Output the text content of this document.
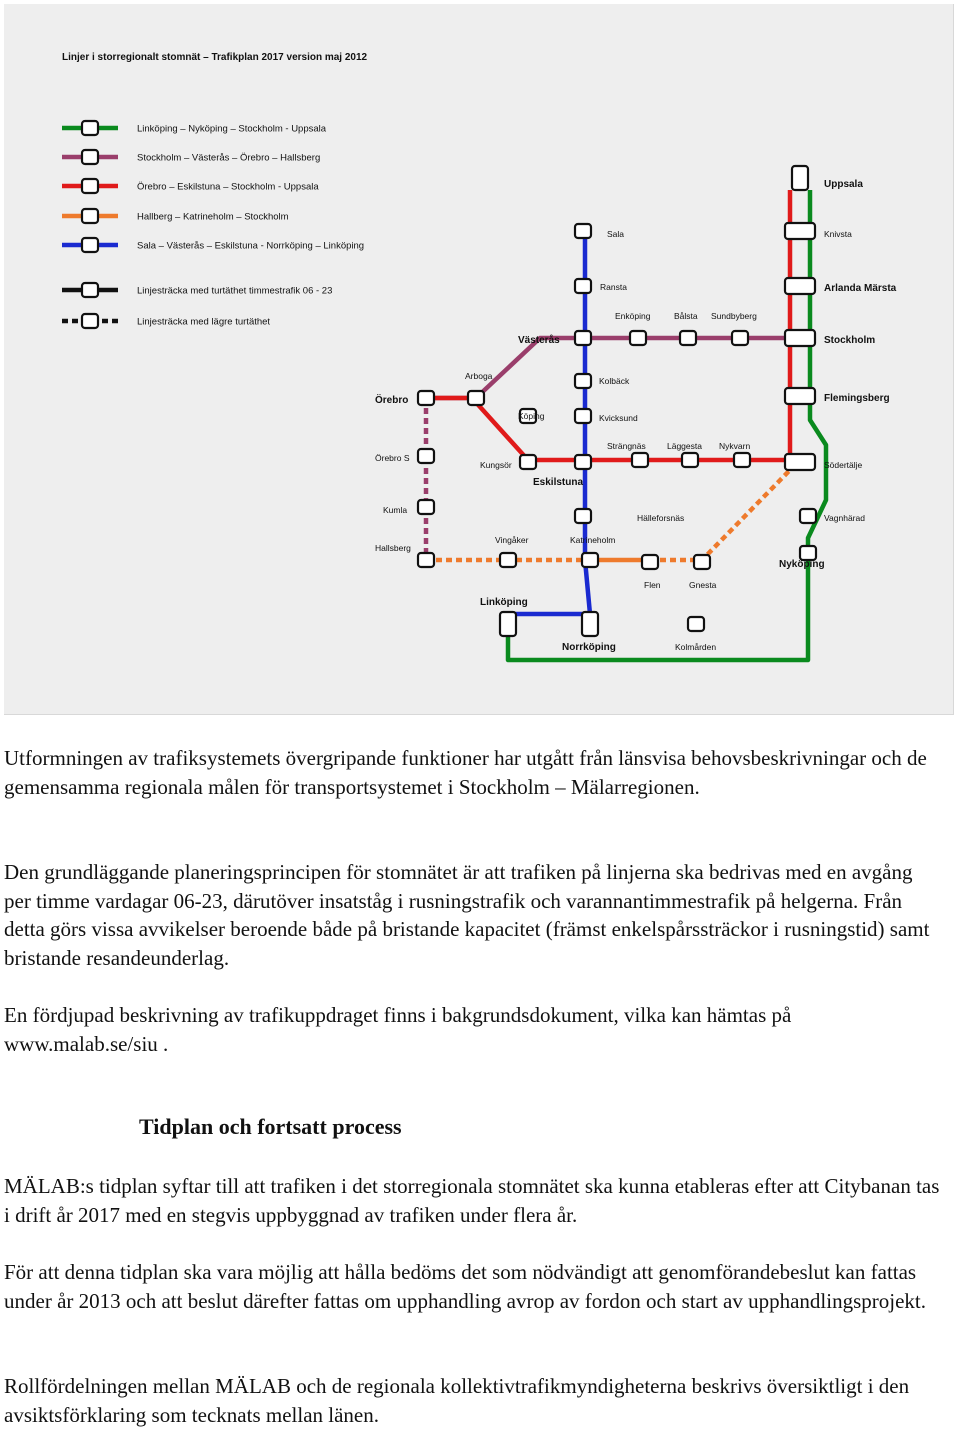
Linjer i storregionalt stomnät – Trafikplan 2017 version maj 2012
Linköping – Nyköping – Stockholm - Uppsala
Stockholm – Västerås – Örebro – Hallsberg
Örebro – Eskilstuna – Stockholm - Uppsala
Hallberg – Katrineholm – Stockholm
Sala – Västerås – Eskilstuna - Norrköping – Linköping
Linjesträcka med turtäthet timmestrafik 06 - 23
Linjesträcka med lägre turtäthet
Uppsala
Sala	Knivsta
Ransta	Arlanda Märsta
Enköping	Bålsta Sundbyberg
Västerås	Stockholm
Arboga	Kolbäck
Örebro	Flemingsberg
Köping	Kvicksund
Strängnäs	Läggesta Nykvarn
Örebro S
Kungsör	Södertälje
Eskilstuna
Kumla
Hälleforsnäs	Vagnhärad
Hallsberg
Vingåker	Katrineholm
Nyköping
Flen	Gnesta
Linköping
Norrköping	Kolmården

Utformningen av trafiksystemets övergripande funktioner har utgått från länsvisa behovsbeskrivningar och de gemensamma regionala målen för transportsystemet i Stockholm – Mälarregionen.

Den grundläggande planeringsprincipen för stomnätet är att trafiken på linjerna ska bedrivas med en avgång per timme vardagar 06-23, därutöver insatståg i rusningstrafik och varannantimmestrafik på helgerna. Från detta görs vissa avvikelser beroende både på bristande kapacitet (främst enkelspårssträckor i rusningstid) samt bristande resandeunderlag.

En fördjupad beskrivning av trafikuppdraget finns i bakgrundsdokument, vilka kan hämtas på www.malab.se/siu .

Tidplan och fortsatt process

MÄLAB:s tidplan syftar till att trafiken i det storregionala stomnätet ska kunna etableras efter att Citybanan tas i drift år 2017 med en stegvis uppbyggnad av trafiken under flera år.

För att denna tidplan ska vara möjlig att hålla bedöms det som nödvändigt att genomförandebeslut kan fattas under år 2013 och att beslut därefter fattas om upphandling avrop av fordon och start av upphandlingsprojekt.

Rollfördelningen mellan MÄLAB och de regionala kollektivtrafikmyndigheterna beskrivs översiktligt i den avsiktsförklaring som tecknats mellan länen.
